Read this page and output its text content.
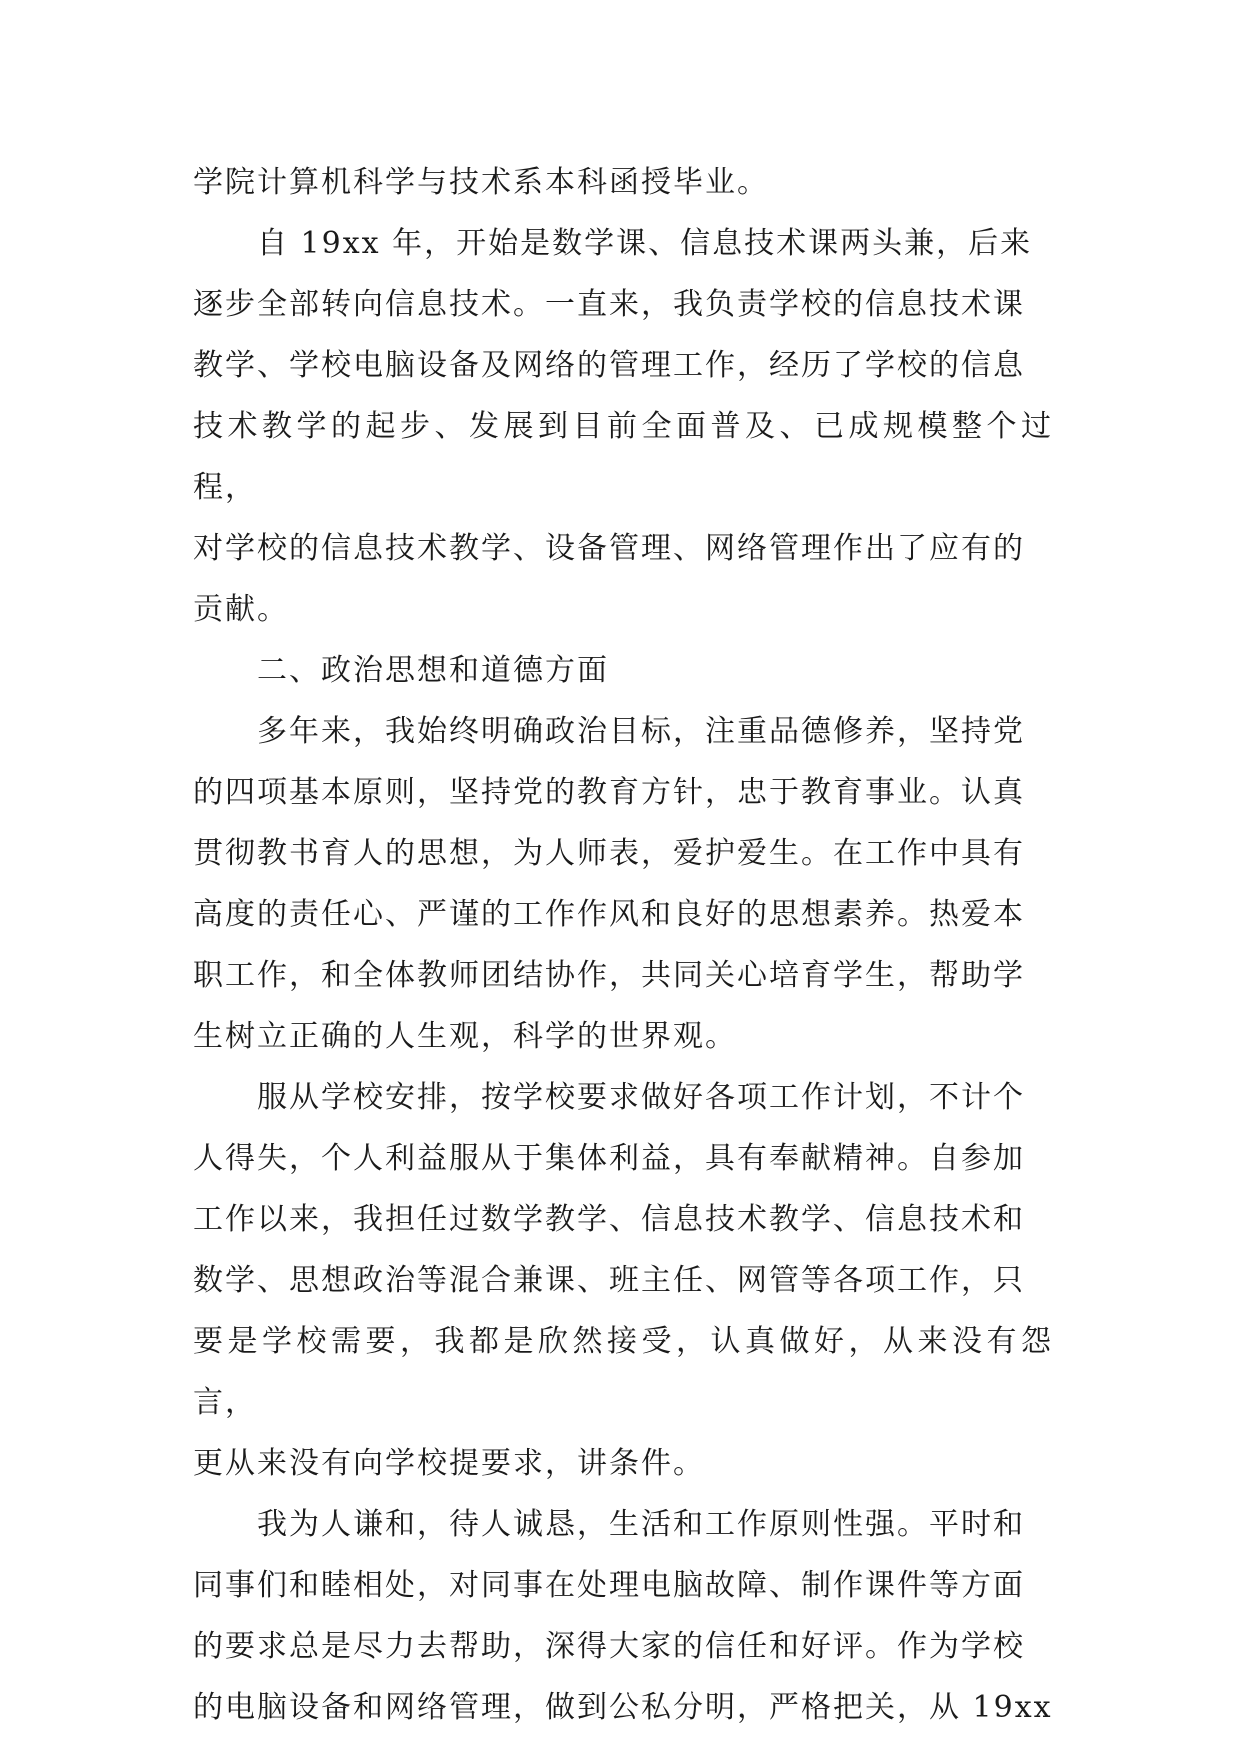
学院计算机科学与技术系本科函授毕业。

自 19xx 年，开始是数学课、信息技术课两头兼，后来
逐步全部转向信息技术。一直来，我负责学校的信息技术课
教学、学校电脑设备及网络的管理工作，经历了学校的信息
技术教学的起步、发展到目前全面普及、已成规模整个过程，
对学校的信息技术教学、设备管理、网络管理作出了应有的
贡献。

二、政治思想和道德方面

多年来，我始终明确政治目标，注重品德修养，坚持党
的四项基本原则，坚持党的教育方针，忠于教育事业。认真
贯彻教书育人的思想，为人师表，爱护爱生。在工作中具有
高度的责任心、严谨的工作作风和良好的思想素养。热爱本
职工作，和全体教师团结协作，共同关心培育学生，帮助学
生树立正确的人生观，科学的世界观。

服从学校安排，按学校要求做好各项工作计划，不计个
人得失，个人利益服从于集体利益，具有奉献精神。自参加
工作以来，我担任过数学教学、信息技术教学、信息技术和
数学、思想政治等混合兼课、班主任、网管等各项工作，只
要是学校需要，我都是欣然接受，认真做好，从来没有怨言，
更从来没有向学校提要求，讲条件。

我为人谦和，待人诚恳，生活和工作原则性强。平时和
同事们和睦相处，对同事在处理电脑故障、制作课件等方面
的要求总是尽力去帮助，深得大家的信任和好评。作为学校
的电脑设备和网络管理，做到公私分明，严格把关，从 19xx
